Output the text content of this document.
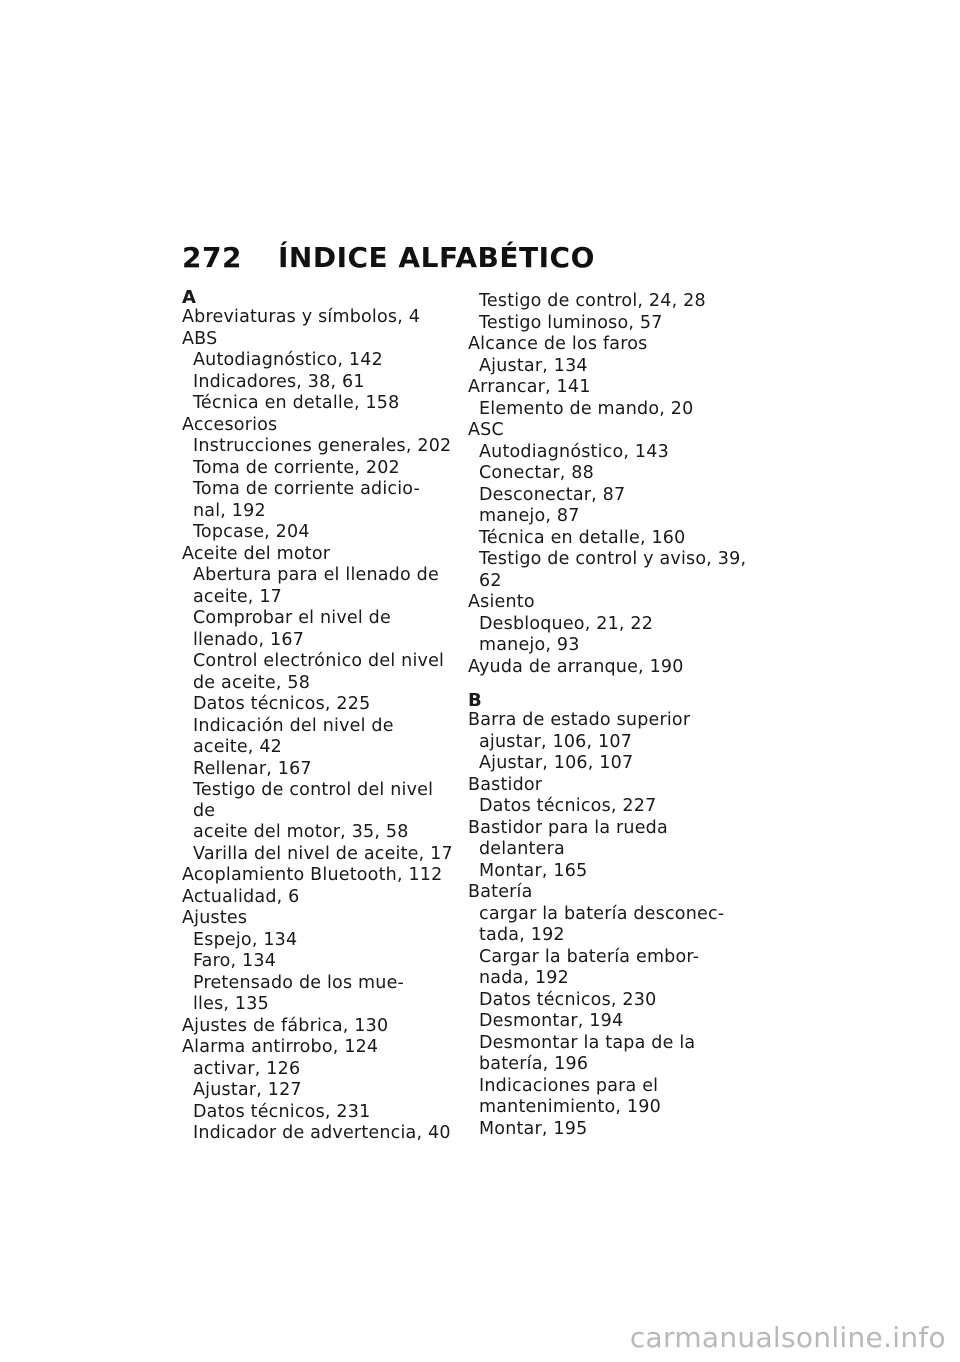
272	ÍNDICE ALFABÉTICO
A
Abreviaturas y símbolos, 4
ABS
Autodiagnóstico, 142
Indicadores, 38, 61
Técnica en detalle, 158
Accesorios
Instrucciones generales, 202
Toma de corriente, 202
Toma de corriente adicio-
nal, 192
Topcase, 204
Aceite del motor
Abertura para el llenado de
aceite, 17
Comprobar el nivel de
llenado, 167
Control electrónico del nivel
de aceite, 58
Datos técnicos, 225
Indicación del nivel de
aceite, 42
Rellenar, 167
Testigo de control del nivel de
aceite del motor, 35, 58
Varilla del nivel de aceite, 17
Acoplamiento Bluetooth, 112
Actualidad, 6
Ajustes
Espejo, 134
Faro, 134
Pretensado de los mue-
lles, 135
Ajustes de fábrica, 130
Alarma antirrobo, 124
activar, 126
Ajustar, 127
Datos técnicos, 231
Indicador de advertencia, 40
Testigo de control, 24, 28
Testigo luminoso, 57
Alcance de los faros
Ajustar, 134
Arrancar, 141
Elemento de mando, 20
ASC
Autodiagnóstico, 143
Conectar, 88
Desconectar, 87
manejo, 87
Técnica en detalle, 160
Testigo de control y aviso, 39,
62
Asiento
Desbloqueo, 21, 22
manejo, 93
Ayuda de arranque, 190
B
Barra de estado superior
ajustar, 106, 107
Ajustar, 106, 107
Bastidor
Datos técnicos, 227
Bastidor para la rueda
delantera
Montar, 165
Batería
cargar la batería desconec-
tada, 192
Cargar la batería embor-
nada, 192
Datos técnicos, 230
Desmontar, 194
Desmontar la tapa de la
batería, 196
Indicaciones para el
mantenimiento, 190
Montar, 195
carmanualsonline.info
